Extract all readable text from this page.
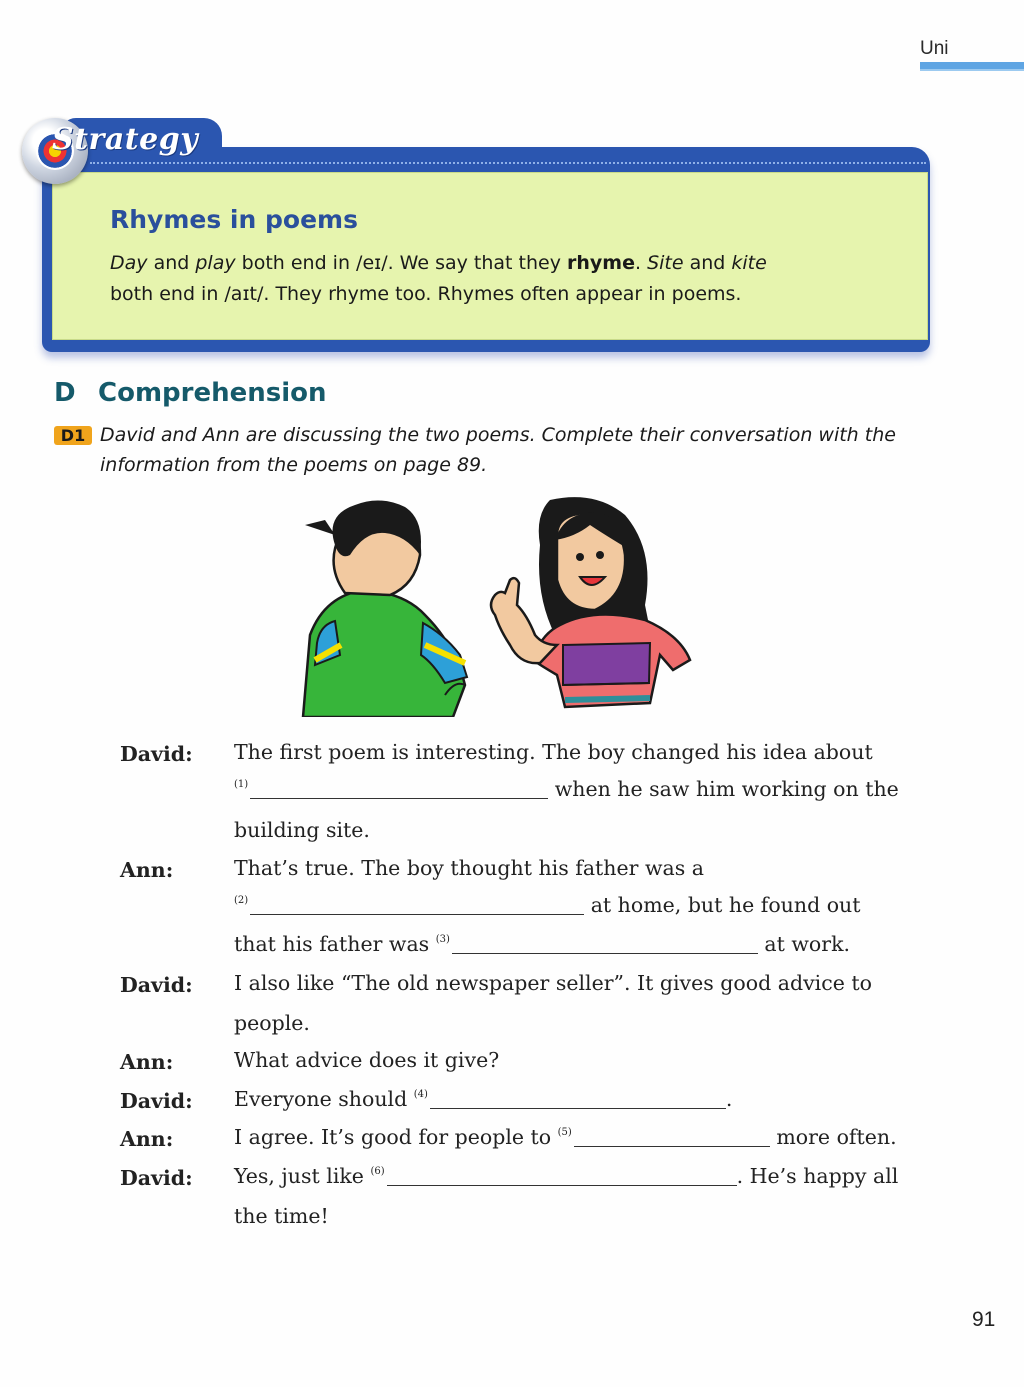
Uni
Strategy
Rhymes in poems
Day and play both end in /eɪ/. We say that they rhyme. Site and kite
both end in /aɪt/. They rhyme too. Rhymes often appear in poems.
D Comprehension
D1 David and Ann are discussing the two poems. Complete their conversation with the
information from the poems on page 89.
David: The first poem is interesting. The boy changed his idea about
$^{(1)}$	when he saw him working on the
building site.
Ann:	That’s true. The boy thought his father was a
$^{(2)}$	at home, but he found out
that his father was $^{(3)}$	at work.
David: I also like “The old newspaper seller”. It gives good advice to
people.
Ann:	What advice does it give?
David: Everyone should $^{(4)}$	.
Ann:	I agree. It’s good for people to $^{(5)}$	more often.
David: Yes, just like $^{(6)}$	. He’s happy all
the time!
91
